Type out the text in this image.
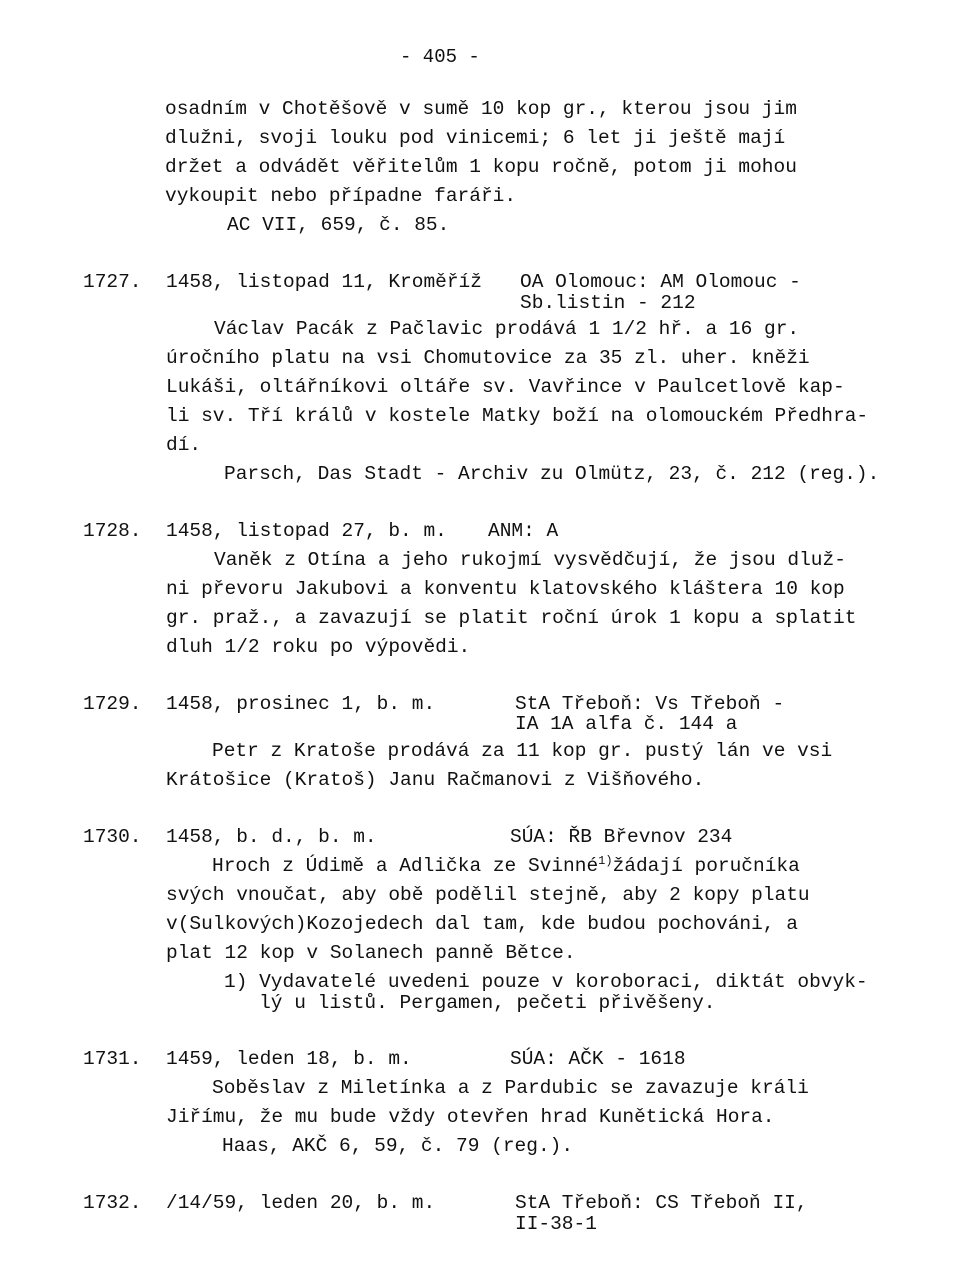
- 405 -
osadním v Chotěšově v sumě 10 kop gr., kterou jsou jim
dlužni, svoji louku pod vinicemi; 6 let ji ještě mají
držet a odvádět věřitelům 1 kopu ročně, potom ji mohou
vykoupit nebo případne faráři.
AC VII, 659, č. 85.
1727. 1458, listopad 11, Kroměříž OA Olomouc: AM Olomouc -
Sb.listin - 212
Václav Pacák z Pačlavic prodává 1 1/2 hř. a 16 gr.
úročního platu na vsi Chomutovice za 35 zl. uher. kněži
Lukáši, oltářníkovi oltáře sv. Vavřince v Paulcetlově kap-
li sv. Tří králů v kostele Matky boží na olomouckém Předhra-
dí.
Parsch, Das Stadt - Archiv zu Olmütz, 23, č. 212 (reg.).
1728. 1458, listopad 27, b. m. ANM: A
Vaněk z Otína a jeho rukojmí vysvědčují, že jsou dluž-
ni převoru Jakubovi a konventu klatovského kláštera 10 kop
gr. praž., a zavazují se platit roční úrok 1 kopu a splatit
dluh 1/2 roku po výpovědi.
1729. 1458, prosinec 1, b. m.	StA Třeboň: Vs Třeboň -
IA 1A alfa č. 144 a
Petr z Kratoše prodává za 11 kop gr. pustý lán ve vsi
Krátošice (Kratoš) Janu Račmanovi z Višňového.
1730. 1458, b. d., b. m.	SÚA: ŘB Břevnov 234
Hroch z Údimě a Adlička ze Svinné$^{1)}$žádají poručníka
svých vnoučat, aby obě podělil stejně, aby 2 kopy platu
v(Sulkových)Kozojedech dal tam, kde budou pochováni, a
plat 12 kop v Solanech panně Bětce.
1) Vydavatelé uvedeni pouze v koroboraci, diktát obvyk-
lý u listů. Pergamen, pečeti přivěšeny.
1731. 1459, leden 18, b. m.	SÚA: AČK - 1618
Soběslav z Miletínka a z Pardubic se zavazuje králi
Jiřímu, že mu bude vždy otevřen hrad Kunětická Hora.
Haas, AKČ 6, 59, č. 79 (reg.).
1732. /14/59, leden 20, b. m.	StA Třeboň: CS Třeboň II,
II-38-1
